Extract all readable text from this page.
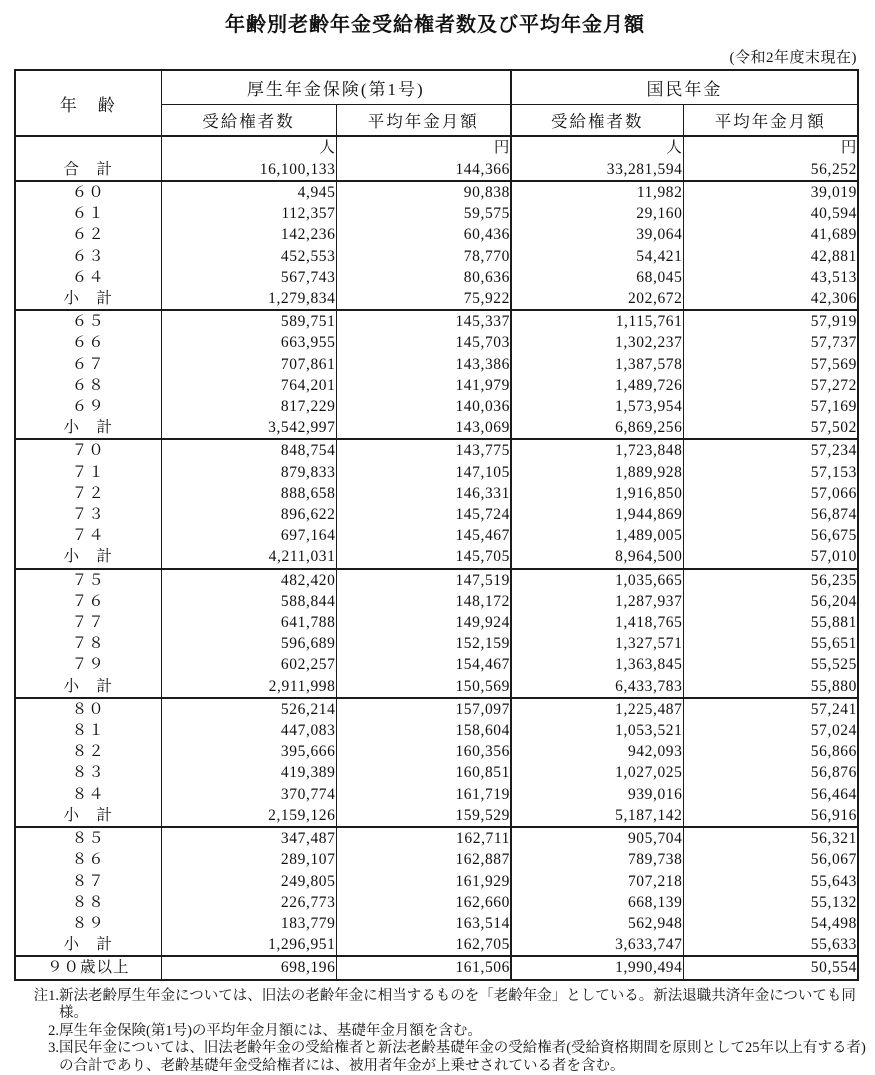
年齢別老齢年金受給権者数及び平均年金月額
(令和2年度末現在)
年　齢	厚生年金保険(第1号)		国民年金	
	受給権者数	平均年金月額	受給権者数	平均年金月額
	人	円	人	円
合　計	16,100,133	144,366	33,281,594	56,252
６０	4,945	90,838	11,982	39,019
６１	112,357	59,575	29,160	40,594
６２	142,236	60,436	39,064	41,689
６３	452,553	78,770	54,421	42,881
６４	567,743	80,636	68,045	43,513
小　計	1,279,834	75,922	202,672	42,306
６５	589,751	145,337	1,115,761	57,919
６６	663,955	145,703	1,302,237	57,737
６７	707,861	143,386	1,387,578	57,569
６８	764,201	141,979	1,489,726	57,272
６９	817,229	140,036	1,573,954	57,169
小　計	3,542,997	143,069	6,869,256	57,502
７０	848,754	143,775	1,723,848	57,234
７１	879,833	147,105	1,889,928	57,153
７２	888,658	146,331	1,916,850	57,066
７３	896,622	145,724	1,944,869	56,874
７４	697,164	145,467	1,489,005	56,675
小　計	4,211,031	145,705	8,964,500	57,010
７５	482,420	147,519	1,035,665	56,235
７６	588,844	148,172	1,287,937	56,204
７７	641,788	149,924	1,418,765	55,881
７８	596,689	152,159	1,327,571	55,651
７９	602,257	154,467	1,363,845	55,525
小　計	2,911,998	150,569	6,433,783	55,880
８０	526,214	157,097	1,225,487	57,241
８１	447,083	158,604	1,053,521	57,024
８２	395,666	160,356	942,093	56,866
８３	419,389	160,851	1,027,025	56,876
８４	370,774	161,719	939,016	56,464
小　計	2,159,126	159,529	5,187,142	56,916
８５	347,487	162,711	905,704	56,321
８６	289,107	162,887	789,738	56,067
８７	249,805	161,929	707,218	55,643
８８	226,773	162,660	668,139	55,132
８９	183,779	163,514	562,948	54,498
小　計	1,296,951	162,705	3,633,747	55,633
９０歳以上	698,196	161,506	1,990,494	50,554
注1. 新法老齢厚生年金については、旧法の老齢年金に相当するものを「老齢年金」としている。新法退職共済年金についても同様。
2. 厚生年金保険(第1号)の平均年金月額には、基礎年金月額を含む。
3. 国民年金については、旧法老齢年金の受給権者と新法老齢基礎年金の受給権者(受給資格期間を原則として25年以上有する者)の合計であり、老齢基礎年金受給権者には、被用者年金が上乗せされている者を含む。
